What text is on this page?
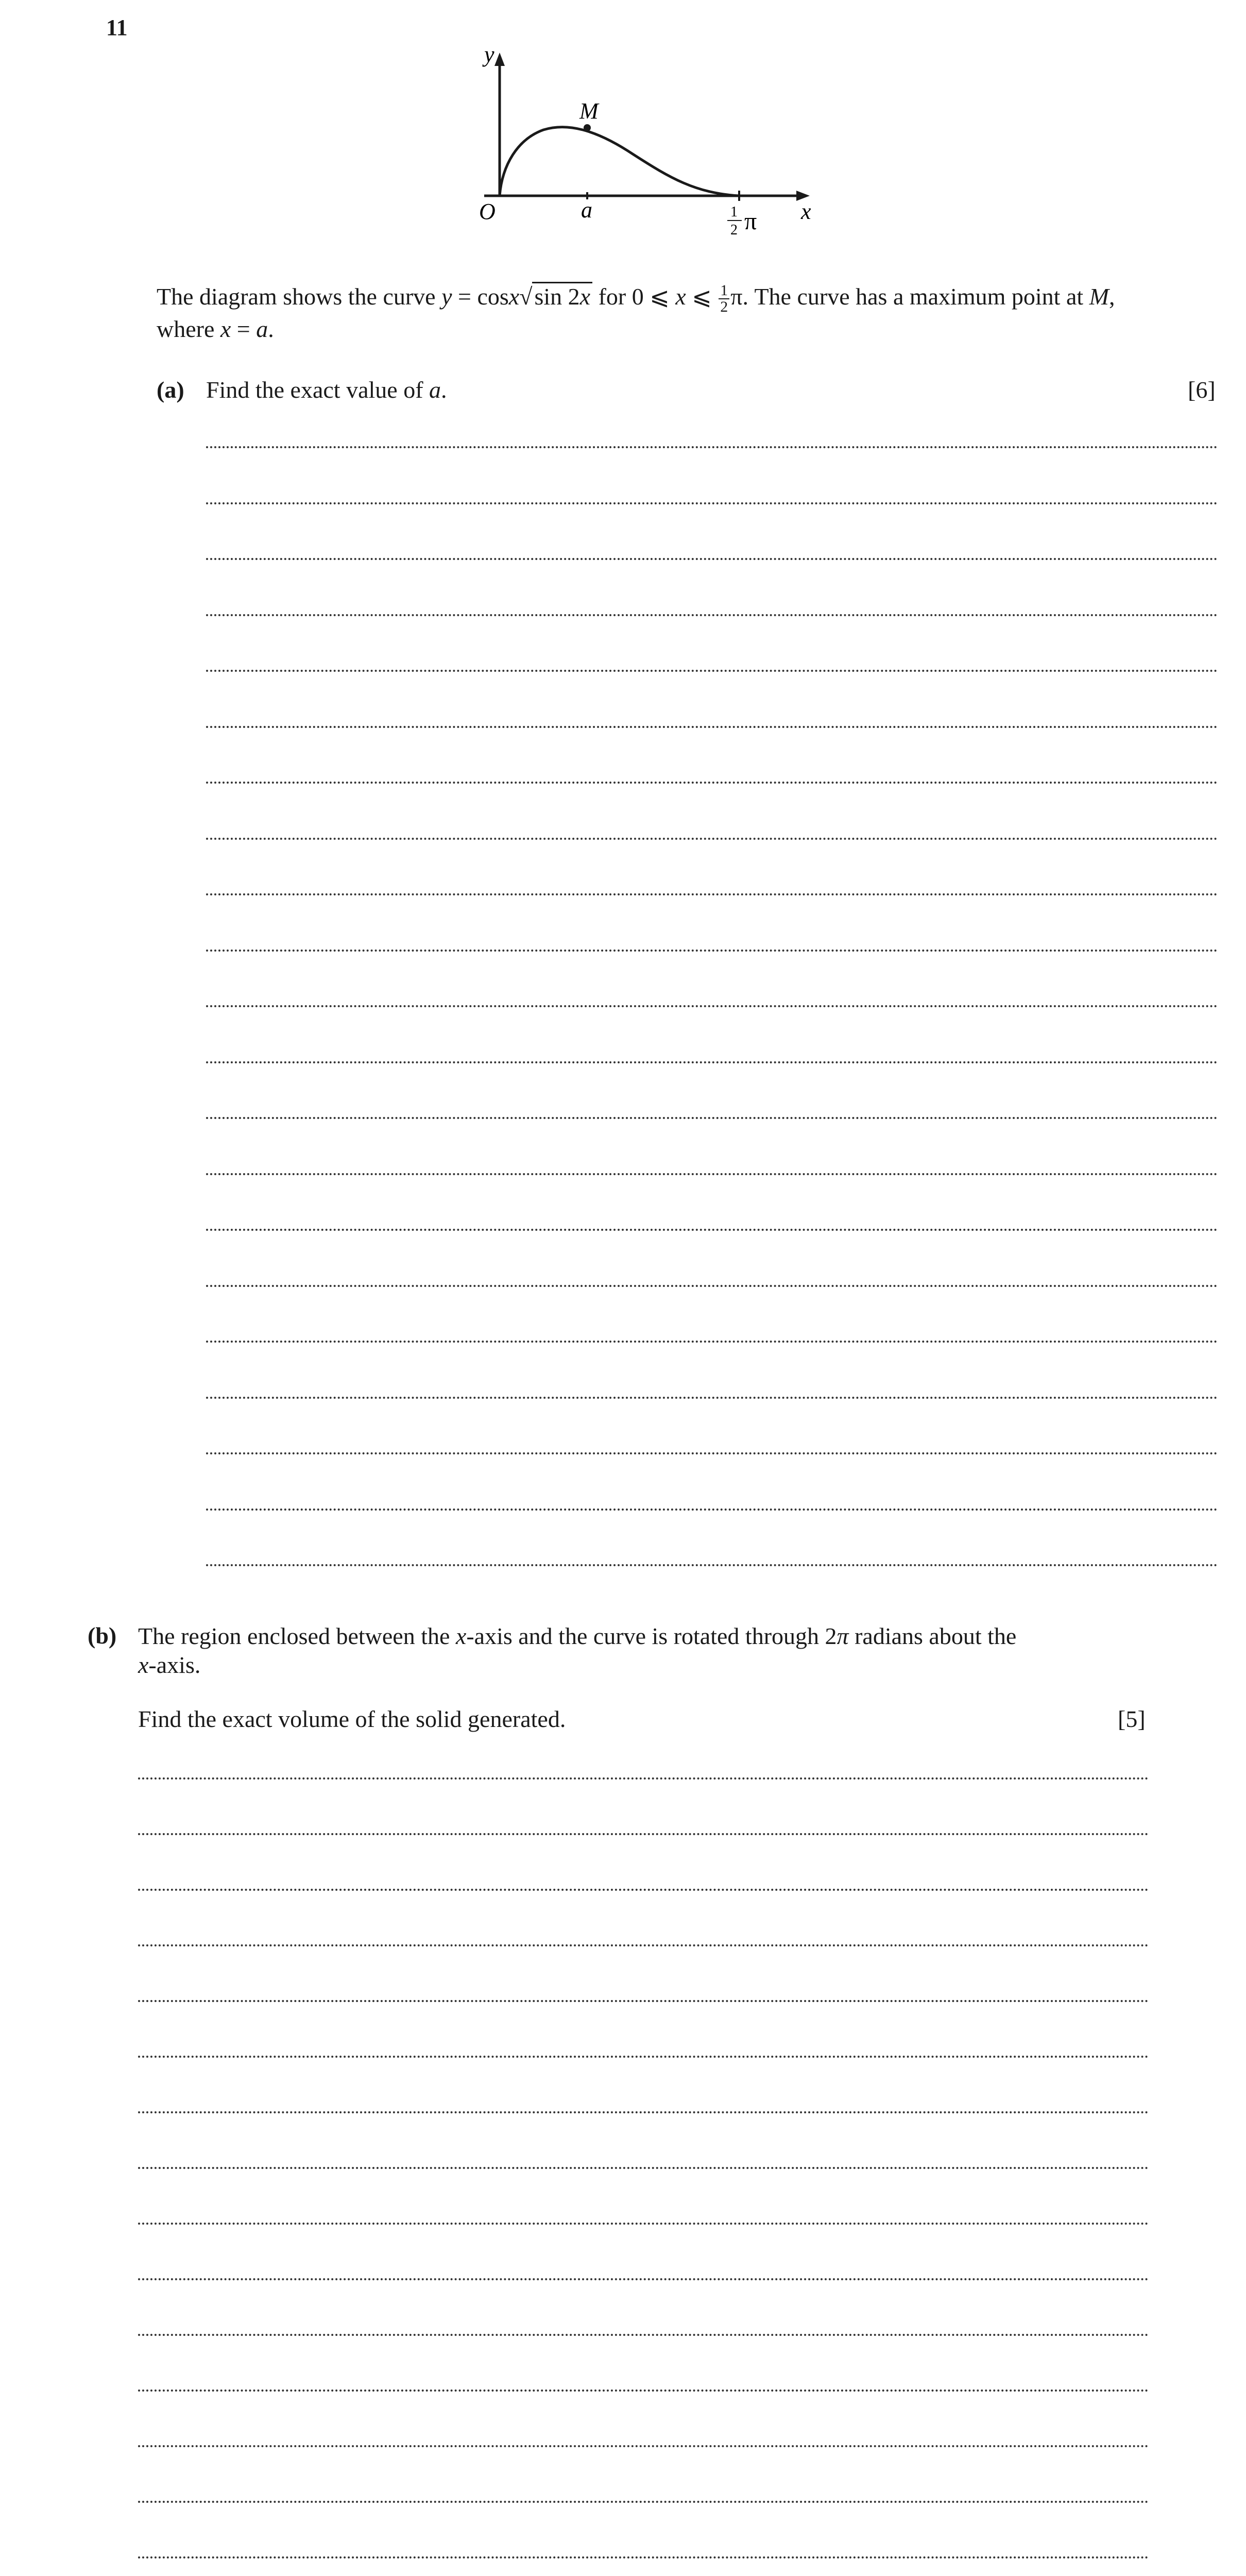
11
y
x
O
M
a	1
2 π
The diagram shows the curve y = cosx√sin 2x for 0 ⩽ x ⩽ $\frac{1}{2} \pi$. The curve has a maximum point at M,
where x = a.
(a) Find the exact value of a.	[6]
(b) The region enclosed between the x-axis and the curve is rotated through 2π radians about the
x-axis.
Find the exact volume of the solid generated.	[5]
